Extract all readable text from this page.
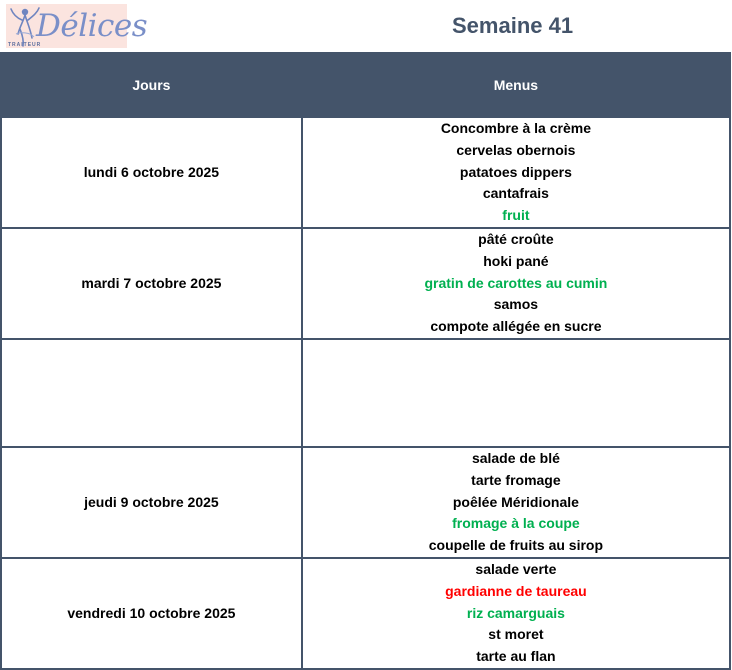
Délices
TRAITEUR
Semaine 41
Jours	Menus
lundi 6 octobre 2025	Concombre à la crème
cervelas obernois
patatoes dippers
cantafrais
fruit

mardi 7 octobre 2025	pâté croûte
hoki pané
gratin de carottes au cumin
samos
compote allégée en sucre

jeudi 9 octobre 2025	salade de blé
tarte fromage
poêlée Méridionale
fromage à la coupe
coupelle de fruits au sirop

vendredi 10 octobre 2025	salade verte
gardianne de taureau
riz camarguais
st moret
tarte au flan
